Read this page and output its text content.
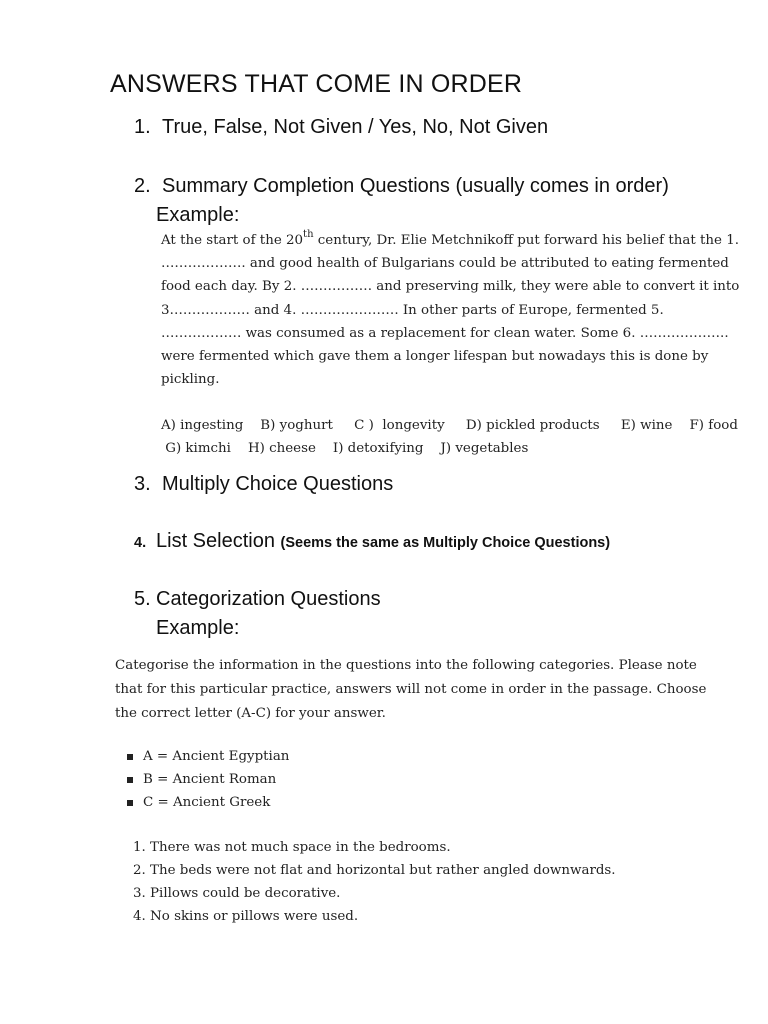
ANSWERS THAT COME IN ORDER
1. True, False, Not Given / Yes, No, Not Given
2. Summary Completion Questions (usually comes in order)
Example:

At the start of the 20th century, Dr. Elie Metchnikoff put forward his belief that the 1.

………………. and good health of Bulgarians could be attributed to eating fermented

food each day. By 2. ……………. and preserving milk, they were able to convert it into

3……………… and 4. …………………. In other parts of Europe, fermented 5.

……………… was consumed as a replacement for clean water. Some 6. ………………..

were fermented which gave them a longer lifespan but nowadays this is done by

pickling.

A) ingesting    B) yoghurt     C )  longevity     D) pickled products     E) wine    F) food
G) kimchi    H) cheese    I) detoxifying    J) vegetables
3. Multiply Choice Questions
4. List Selection (Seems the same as Multiply Choice Questions)
5. Categorization Questions
Example:

Categorise the information in the questions into the following categories. Please note

that for this particular practice, answers will not come in order in the passage. Choose

the correct letter (A-C) for your answer.

A = Ancient Egyptian
B = Ancient Roman
C = Ancient Greek

1. There was not much space in the bedrooms.

2. The beds were not flat and horizontal but rather angled downwards.

3. Pillows could be decorative.

4. No skins or pillows were used.
